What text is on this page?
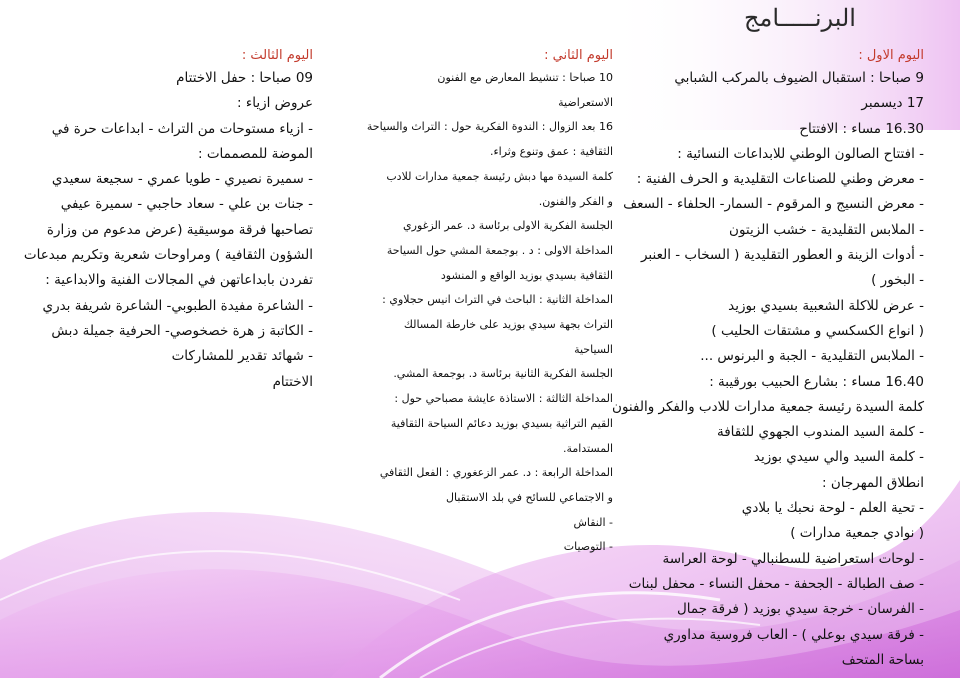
البرنـــــامج
اليوم الاول :
9 صباحا : استقبال الضيوف بالمركب الشبابي
17 ديسمبر
16.30 مساء : الافتتاح
- افتتاح الصالون الوطني للابداعات النسائية :
- معرض وطني للصناعات التقليدية و الحرف الفنية :
- معرض النسيج و المرقوم - السمار- الحلفاء - السعف
- الملابس التقليدية - خشب الزيتون
- أدوات الزينة و العطور التقليدية ( السخاب - العنبر
- البخور )
- عرض للاكلة الشعبية بسيدي بوزيد
( انواع الكسكسي و مشتقات الحليب )
- الملابس التقليدية - الجبة و البرنوس ...
16.40 مساء : بشارع الحبيب بورقيبة :
كلمة السيدة رئيسة جمعية مدارات للادب والفكر والفنون
- كلمة السيد المندوب الجهوي للثقافة
- كلمة السيد والي سيدي بوزيد
انطلاق المهرجان :
- تحية العلم - لوحة نحبك يا بلادي
( نوادي جمعية مدارات )
- لوحات استعراضية للسطنبالي - لوحة العراسة
- صف الطبالة - الجحفة - محفل النساء - محفل لبنات
- الفرسان - خرجة سيدي بوزيد ( فرقة جمال
- فرقة سيدي بوعلي ) - العاب فروسية مداوري
بساحة المتحف
اليوم الثاني :
10 صباحا : تنشيط المعارض مع الفنون
الاستعراضية
16 بعد الزوال : الندوة الفكرية حول : التراث والسياحة
الثقافية : عمق وتنوع وثراء.
كلمة السيدة مها دبش رئيسة جمعية مدارات للادب
و الفكر والفنون.
الجلسة الفكرية الاولى برئاسة د. عمر الزغوري
المداخلة الاولى : د . بوجمعة المشي حول السياحة
الثقافية بسيدي بوزيد الواقع و المنشود
المداخلة الثانية : الباحث في التراث انيس حجلاوي :
التراث بجهة سيدي بوزيد على خارطة المسالك
السياحية
الجلسة الفكرية الثانية برئاسة د. بوجمعة المشي.
المداخلة الثالثة : الاستاذة عايشة مصباحي حول :
القيم التراثية بسيدي بوزيد دعائم السياحة الثقافية
المستدامة.
المداخلة الرابعة : د. عمر الزعغوري : الفعل الثقافي
و الاجتماعي للسائح في بلد الاستقبال
- النقاش
- التوصيات
اليوم الثالث :
09 صباحا : حفل الاختتام
عروض ازياء :
- ازياء مستوحات من التراث - ابداعات حرة في
الموضة للمصممات :
- سميرة نصيري - طويا عمري - سجيعة سعيدي
- جنات بن علي - سعاد حاجبي - سميرة عيفي
تصاحبها فرقة موسيقية (عرض مدعوم من وزارة
الشؤون الثقافية ) ومراوحات شعرية وتكريم مبدعات
تفردن بابداعاتهن في المجالات الفنية والابداعية :
- الشاعرة مفيدة الطبوبي- الشاعرة شريفة بدري
- الكاتبة ز هرة خصخوصي- الحرفية جميلة دبش
- شهائد تقدير للمشاركات
الاختتام
